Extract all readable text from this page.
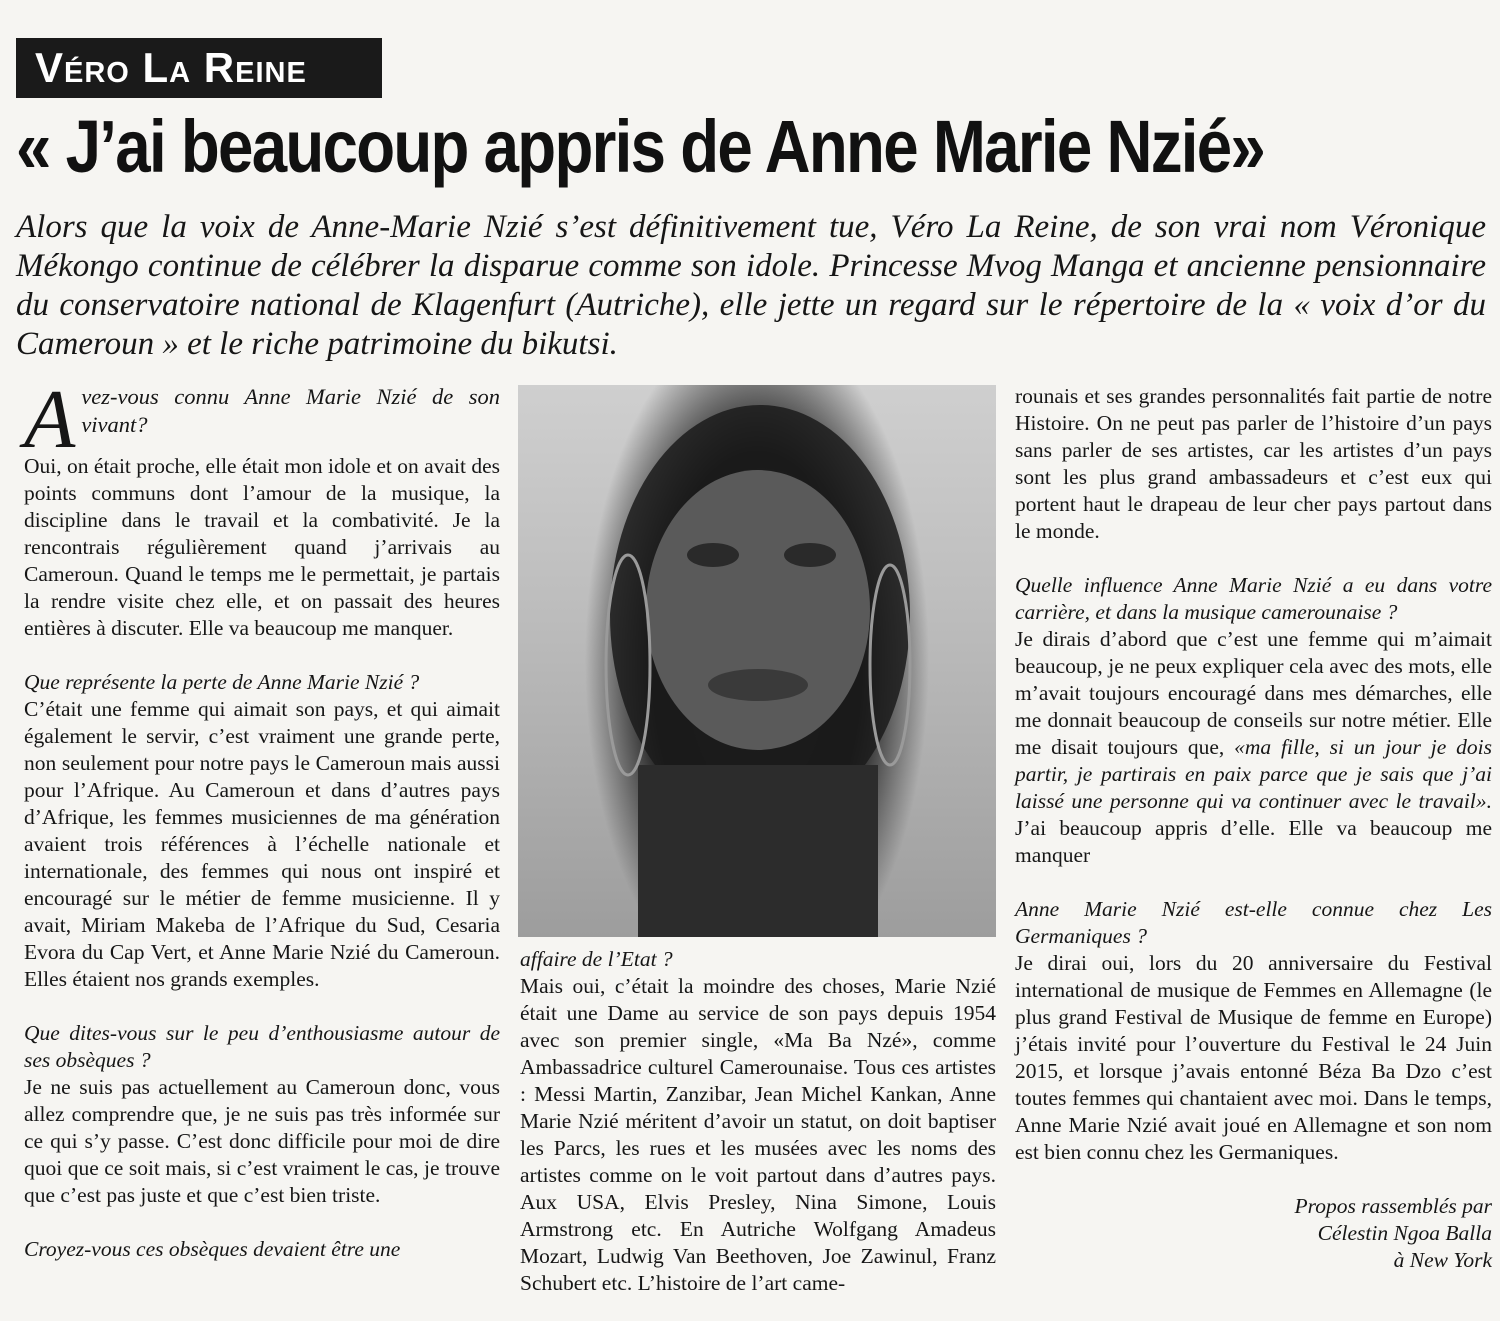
Véro La Reine
« J’ai beaucoup appris de Anne Marie Nzié»
Alors que la voix de Anne-Marie Nzié s’est définitivement tue, Véro La Reine, de son vrai nom Véronique Mékongo continue de célébrer la disparue comme son idole. Princesse Mvog Manga et ancienne pensionnaire du conservatoire national de Klagenfurt (Autriche), elle jette un regard sur le répertoire de la « voix d’or du Cameroun » et le riche patrimoine du bikutsi.

Avez-vous connu Anne Marie Nzié de son vivant?

Oui, on était proche, elle était mon idole et on avait des points communs dont l’amour de la musique, la discipline dans le travail et la combativité. Je la rencontrais régulièrement quand j’arrivais au Cameroun. Quand le temps me le permettait, je partais la rendre visite chez elle, et on passait des heures entières à discuter. Elle va beaucoup me manquer.

Que représente la perte de Anne Marie Nzié ?

C’était une femme qui aimait son pays, et qui aimait également le servir, c’est vraiment une grande perte, non seulement pour notre pays le Cameroun mais aussi pour l’Afrique. Au Cameroun et dans d’autres pays d’Afrique, les femmes musiciennes de ma génération avaient trois références à l’échelle nationale et internationale, des femmes qui nous ont inspiré et encouragé sur le métier de femme musicienne. Il y avait, Miriam Makeba de l’Afrique du Sud, Cesaria Evora du Cap Vert, et Anne Marie Nzié du Cameroun. Elles étaient nos grands exemples.

Que dites-vous sur le peu d’enthousiasme autour de ses obsèques ?

Je ne suis pas actuellement au Cameroun donc, vous allez comprendre que, je ne suis pas très informée sur ce qui s’y passe. C’est donc difficile pour moi de dire quoi que ce soit mais, si c’est vraiment le cas, je trouve que c’est pas juste et que c’est bien triste.

Croyez-vous ces obsèques devaient être une

affaire de l’Etat ?

Mais oui, c’était la moindre des choses, Marie Nzié était une Dame au service de son pays depuis 1954 avec son premier single, «Ma Ba Nzé», comme Ambassadrice culturel Camerounaise. Tous ces artistes : Messi Martin, Zanzibar, Jean Michel Kankan, Anne Marie Nzié méritent d’avoir un statut, on doit baptiser les Parcs, les rues et les musées avec les noms des artistes comme on le voit partout dans d’autres pays. Aux USA, Elvis Presley, Nina Simone, Louis Armstrong etc. En Autriche Wolfgang Amadeus Mozart, Ludwig Van Beethoven, Joe Zawinul, Franz Schubert etc. L’histoire de l’art came-

rounais et ses grandes personnalités fait partie de notre Histoire. On ne peut pas parler de l’histoire d’un pays sans parler de ses artistes, car les artistes d’un pays sont les plus grand ambassadeurs et c’est eux qui portent haut le drapeau de leur cher pays partout dans le monde.

Quelle influence Anne Marie Nzié a eu dans votre carrière, et dans la musique camerounaise ?

Je dirais d’abord que c’est une femme qui m’aimait beaucoup, je ne peux expliquer cela avec des mots, elle m’avait toujours encouragé dans mes démarches, elle me donnait beaucoup de conseils sur notre métier. Elle me disait toujours que, «ma fille, si un jour je dois partir, je partirais en paix parce que je sais que j’ai laissé une personne qui va continuer avec le travail». J’ai beaucoup appris d’elle. Elle va beaucoup me manquer

Anne Marie Nzié est-elle connue chez Les Germaniques ?

Je dirai oui, lors du 20 anniversaire du Festival international de musique de Femmes en Allemagne (le plus grand Festival de Musique de femme en Europe) j’étais invité pour l’ouverture du Festival le 24 Juin 2015, et lorsque j’avais entonné Béza Ba Dzo c’est toutes femmes qui chantaient avec moi. Dans le temps, Anne Marie Nzié avait joué en Allemagne et son nom est bien connu chez les Germaniques.

Propos rassemblés par
Célestin Ngoa Balla
à New York
